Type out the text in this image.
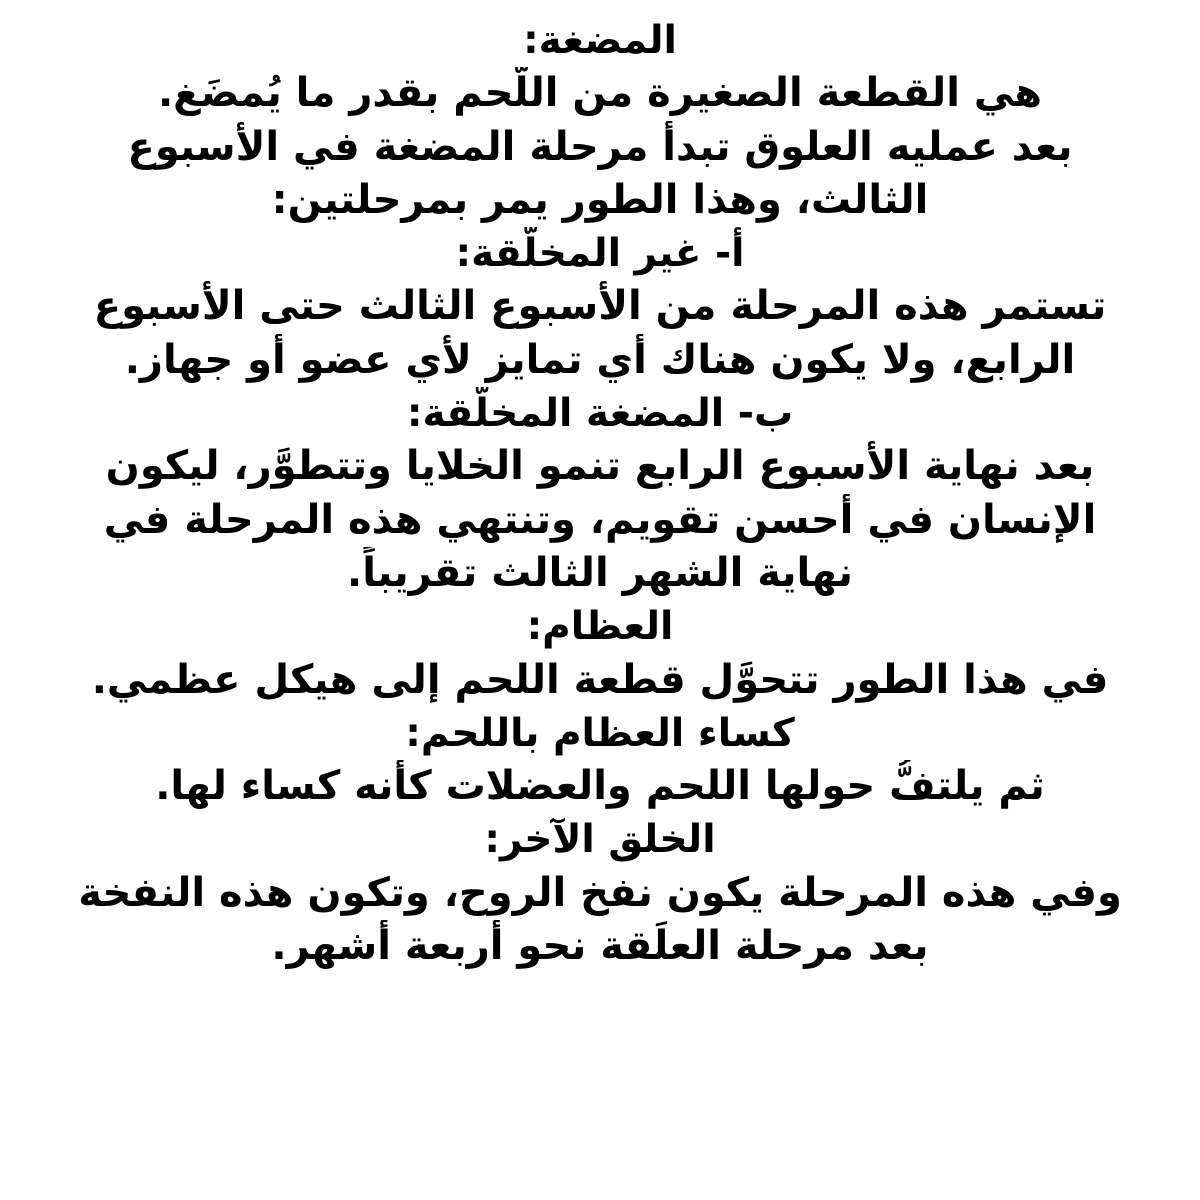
المضغة:
هي القطعة الصغيرة من اللَّحم بقدر ما يُمضَغ.
بعد عمليه العلوق تبدأ مرحلة المضغة في الأسبوع
الثالث، وهذا الطور يمر بمرحلتين:
أ- غير المخلَّقة:
تستمر هذه المرحلة من الأسبوع الثالث حتى الأسبوع
الرابع، ولا يكون هناك أي تمايز لأي عضو أو جهاز.
ب- المضغة المخلَّقة:
بعد نهاية الأسبوع الرابع تنمو الخلايا وتتطوَّر، ليكون
الإنسان في أحسن تقويم، وتنتهي هذه المرحلة في
نهاية الشهر الثالث تقريباً.
العظام:
في هذا الطور تتحوَّل قطعة اللحم إلى هيكل عظمي.
كساء العظام باللحم:
ثم يلتفُّ حولها اللحم والعضلات كأنه كساء لها.
الخلق الآخر:
وفي هذه المرحلة يكون نفخ الروح، وتكون هذه النفخة
بعد مرحلة العلَقة نحو أربعة أشهر.
